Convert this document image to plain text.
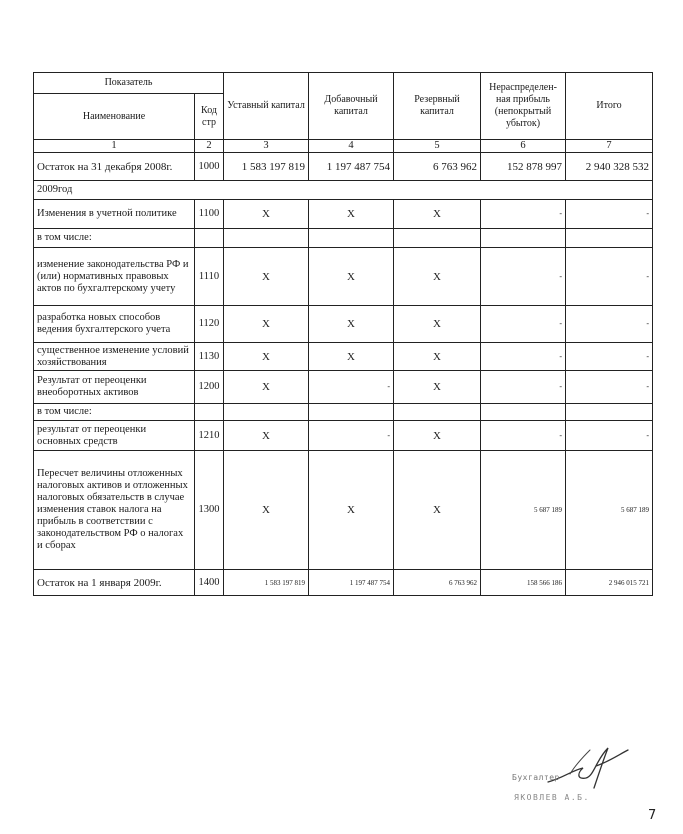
Показатель		Уставный капитал	Добавочный капитал	Резервный капитал	Нераспределен-ная прибыль (непокрытый убыток)	Итого
Наименование	Код стр					
1	2	3	4	5	6	7
Остаток на 31 декабря 2008г.	1000	1 583 197 819	1 197 487 754	6 763 962	152 878 997	2 940 328 532
2009год						
Изменения в учетной политике	1100	X	X	X	-	-
в том числе:						
изменение законодательства РФ и (или) нормативных правовых актов по бухгалтерскому учету	1110	X	X	X	-	-
разработка новых способов ведения бухгалтерского учета	1120	X	X	X	-	-
существенное изменение условий хозяйствования	1130	X	X	X	-	-
Результат от переоценки внеоборотных активов	1200	X	-	X	-	-
в том числе:						
результат от переоценки основных средств	1210	X	-	X	-	-
Пересчет величины отложенных налоговых активов и отложенных налоговых обязательств в случае изменения ставок налога на прибыль в соответствии с законодательством РФ о налогах и сборах	1300	X	X	X	5 687 189	5 687 189
Остаток на 1 января 2009г.	1400	1 583 197 819	1 197 487 754	6 763 962	158 566 186	2 946 015 721
Бухгалтер
ЯКОВЛЕВ А.Б.
7
